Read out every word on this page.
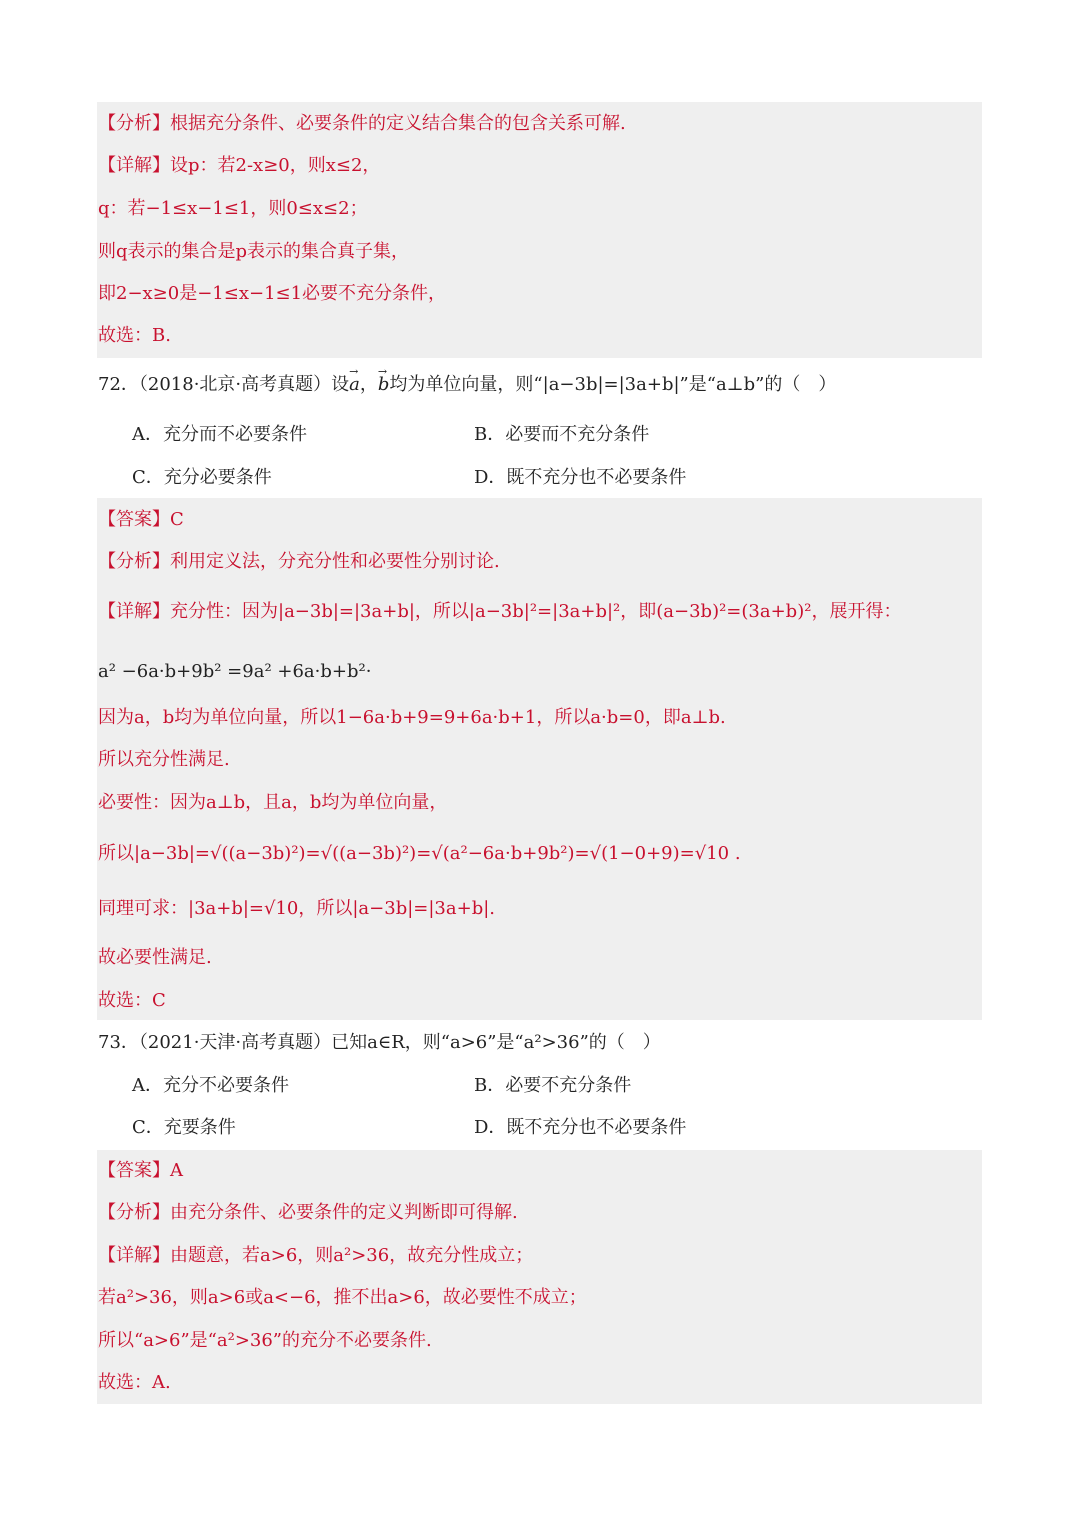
【分析】根据充分条件、必要条件的定义结合集合的包含关系可解.
【详解】设p：若2-x≥0，则x≤2，
q：若−1≤x−1≤1，则0≤x≤2；
则q表示的集合是p表示的集合真子集，
即2−x≥0是−1≤x−1≤1必要不充分条件，
故选：B.
72．（2018·北京·高考真题）设→ a，→ b均为单位向量，则“|a−3b|=|3a+b|”是“a⊥b”的（　）
A．充分而不必要条件	B．必要而不充分条件
C．充分必要条件	D．既不充分也不必要条件
【答案】C
【分析】利用定义法，分充分性和必要性分别讨论.
【详解】充分性：因为|a−3b|=|3a+b|，所以|a−3b|²=|3a+b|²，即(a−3b)²=(3a+b)²，展开得：
a² −6a·b+9b² =9a² +6a·b+b²·
因为a，b均为单位向量，所以1−6a·b+9=9+6a·b+1，所以a·b=0，即a⊥b.
所以充分性满足.
必要性：因为a⊥b，且a，b均为单位向量，
所以|a−3b|=√((a−3b)²)=√((a−3b)²)=√(a²−6a·b+9b²)=√(1−0+9)=√10 .
同理可求：|3a+b|=√10，所以|a−3b|=|3a+b|.
故必要性满足.
故选：C
73．（2021·天津·高考真题）已知a∈R，则“a>6”是“a²>36”的（　）
A．充分不必要条件	B．必要不充分条件
C．充要条件	D．既不充分也不必要条件
【答案】A
【分析】由充分条件、必要条件的定义判断即可得解.
【详解】由题意，若a>6，则a²>36，故充分性成立；
若a²>36，则a>6或a<−6，推不出a>6，故必要性不成立；
所以“a>6”是“a²>36”的充分不必要条件.
故选：A.
